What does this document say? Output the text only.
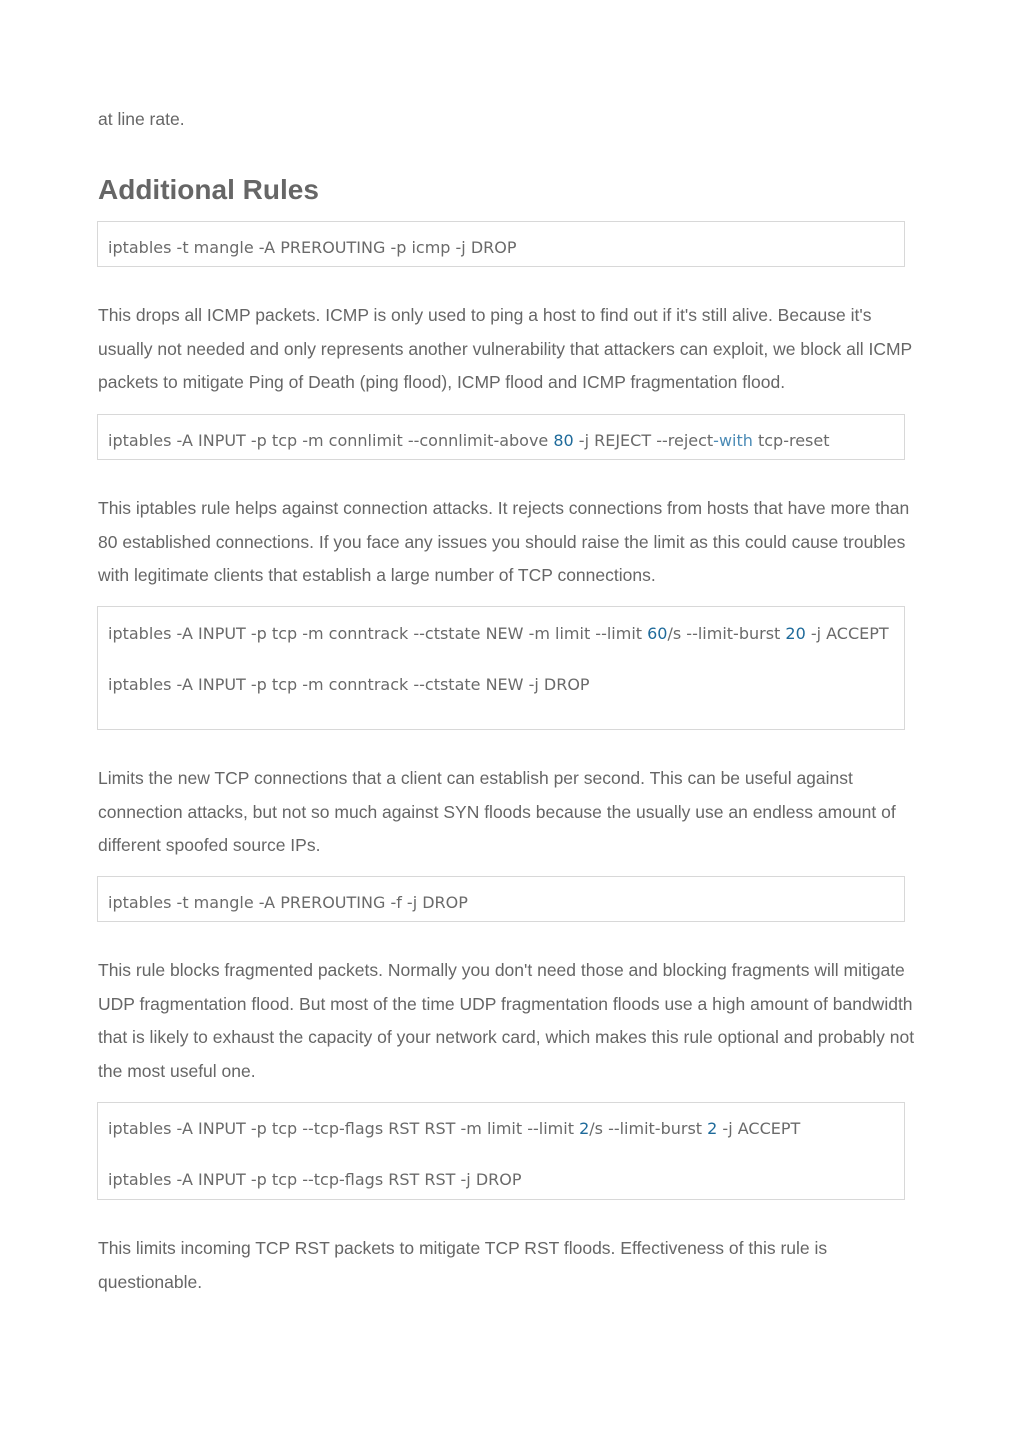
at line rate.

Additional Rules
iptables -t mangle -A PREROUTING -p icmp -j DROP

This drops all ICMP packets. ICMP is only used to ping a host to find out if it's still alive. Because it's usually not needed and only represents another vulnerability that attackers can exploit, we block all ICMP packets to mitigate Ping of Death (ping flood), ICMP flood and ICMP fragmentation flood.

iptables -A INPUT -p tcp -m connlimit --connlimit-above 80 -j REJECT --reject-with tcp-reset

This iptables rule helps against connection attacks. It rejects connections from hosts that have more than 80 established connections. If you face any issues you should raise the limit as this could cause troubles with legitimate clients that establish a large number of TCP connections.

iptables -A INPUT -p tcp -m conntrack --ctstate NEW -m limit --limit 60/s --limit-burst 20 -j ACCEPT
iptables -A INPUT -p tcp -m conntrack --ctstate NEW -j DROP

Limits the new TCP connections that a client can establish per second. This can be useful against connection attacks, but not so much against SYN floods because the usually use an endless amount of different spoofed source IPs.

iptables -t mangle -A PREROUTING -f -j DROP

This rule blocks fragmented packets. Normally you don't need those and blocking fragments will mitigate UDP fragmentation flood. But most of the time UDP fragmentation floods use a high amount of bandwidth that is likely to exhaust the capacity of your network card, which makes this rule optional and probably not the most useful one.

iptables -A INPUT -p tcp --tcp-flags RST RST -m limit --limit 2/s --limit-burst 2 -j ACCEPT
iptables -A INPUT -p tcp --tcp-flags RST RST -j DROP

This limits incoming TCP RST packets to mitigate TCP RST floods. Effectiveness of this rule is questionable.
